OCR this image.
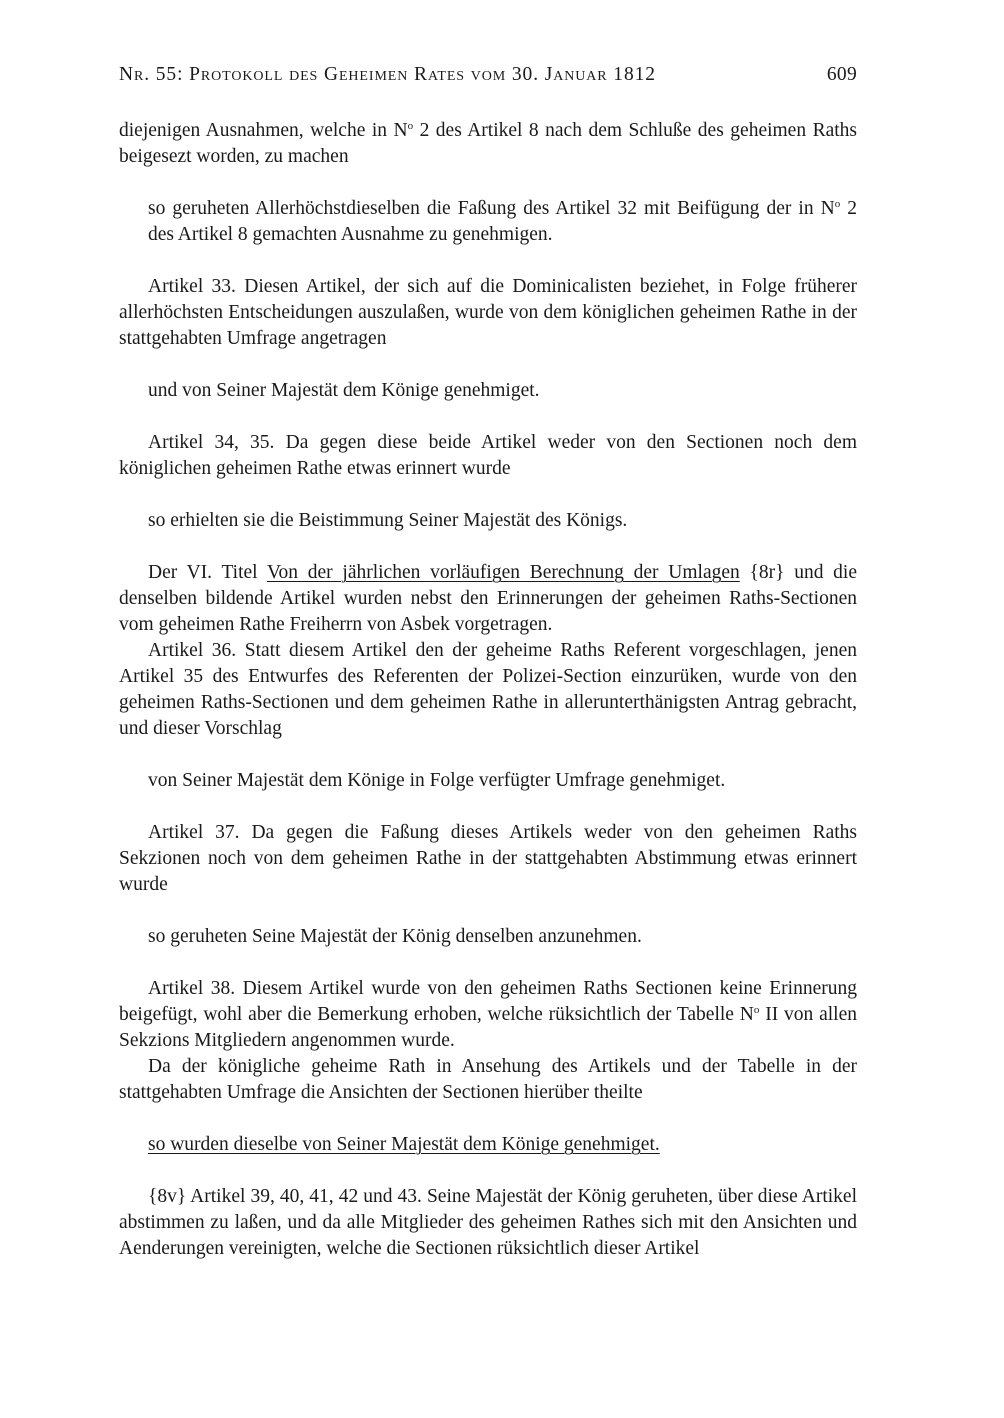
Nr. 55: Protokoll des Geheimen Rates vom 30. Januar 1812	609

diejenigen Ausnahmen, welche in $N^o$ 2 des Artikel 8 nach dem Schluße des geheimen Raths beigesezt worden, zu machen

so geruheten Allerhöchstdieselben die Faßung des Artikel 32 mit Beifügung der in $N^o$ 2 des Artikel 8 gemachten Ausnahme zu genehmigen.

Artikel 33. Diesen Artikel, der sich auf die Dominicalisten beziehet, in Folge früherer allerhöchsten Entscheidungen auszulaßen, wurde von dem königlichen geheimen Rathe in der stattgehabten Umfrage angetragen

und von Seiner Majestät dem Könige genehmiget.

Artikel 34, 35. Da gegen diese beide Artikel weder von den Sectionen noch dem königlichen geheimen Rathe etwas erinnert wurde

so erhielten sie die Beistimmung Seiner Majestät des Königs.

Der VI. Titel Von der jährlichen vorläufigen Berechnung der Umlagen {8r} und die denselben bildende Artikel wurden nebst den Erinnerungen der geheimen Raths-Sectionen vom geheimen Rathe Freiherrn von Asbek vorgetragen.

Artikel 36. Statt diesem Artikel den der geheime Raths Referent vorgeschlagen, jenen Artikel 35 des Entwurfes des Referenten der Polizei-Section einzurüken, wurde von den geheimen Raths-Sectionen und dem geheimen Rathe in allerunterthänigsten Antrag gebracht, und dieser Vorschlag

von Seiner Majestät dem Könige in Folge verfügter Umfrage genehmiget.

Artikel 37. Da gegen die Faßung dieses Artikels weder von den geheimen Raths Sekzionen noch von dem geheimen Rathe in der stattgehabten Abstimmung etwas erinnert wurde

so geruheten Seine Majestät der König denselben anzunehmen.

Artikel 38. Diesem Artikel wurde von den geheimen Raths Sectionen keine Erinnerung beigefügt, wohl aber die Bemerkung erhoben, welche rüksichtlich der Tabelle $N^o$ II von allen Sekzions Mitgliedern angenommen wurde.

Da der königliche geheime Rath in Ansehung des Artikels und der Tabelle in der stattgehabten Umfrage die Ansichten der Sectionen hierüber theilte

so wurden dieselbe von Seiner Majestät dem Könige genehmiget.

{8v} Artikel 39, 40, 41, 42 und 43. Seine Majestät der König geruheten, über diese Artikel abstimmen zu laßen, und da alle Mitglieder des geheimen Rathes sich mit den Ansichten und Aenderungen vereinigten, welche die Sectionen rüksichtlich dieser Artikel
